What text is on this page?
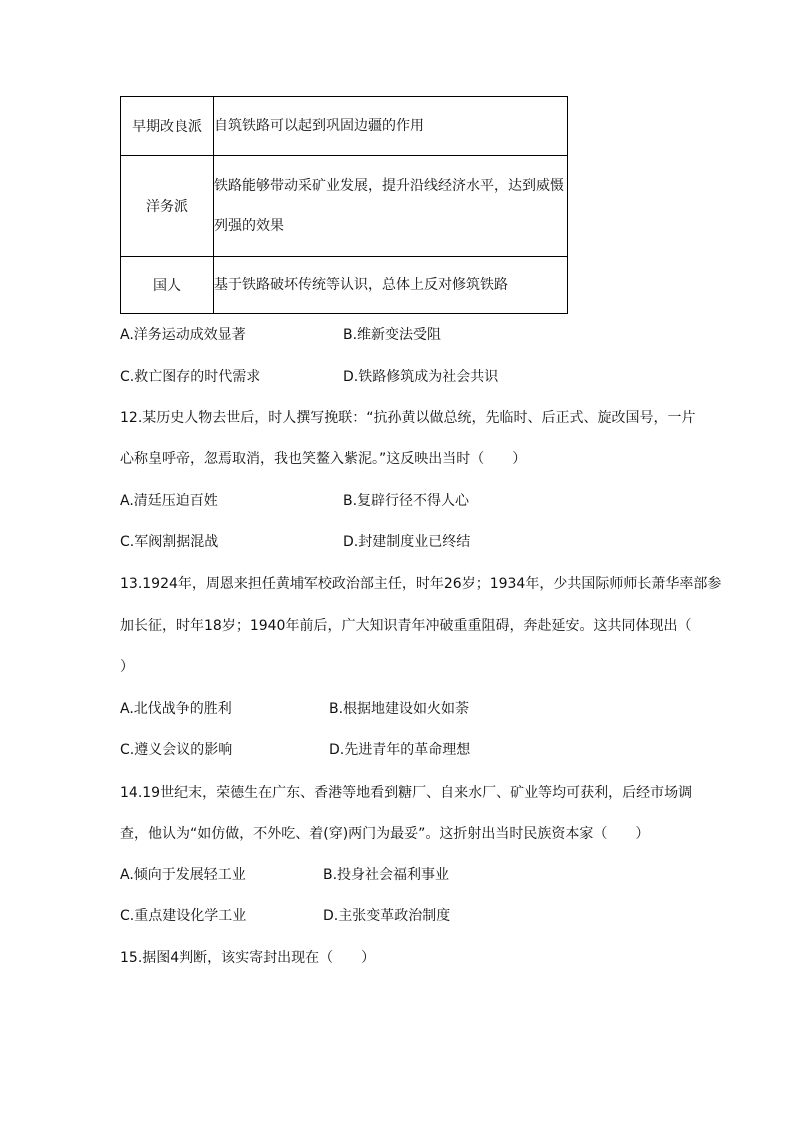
早期改良派	自筑铁路可以起到巩固边疆的作用
洋务派	铁路能够带动采矿业发展，提升沿线经济水平，达到威慑列强的效果
国人	基于铁路破坏传统等认识，总体上反对修筑铁路
A.洋务运动成效显著	B.维新变法受阻
C.救亡图存的时代需求	D.铁路修筑成为社会共识
12.某历史人物去世后，时人撰写挽联：“抗孙黄以做总统，先临时、后正式、旋改国号，一片
心称皇呼帝，忽焉取消，我也笑鳌入紫泥。”这反映出当时（　　）
A.清廷压迫百姓	B.复辟行径不得人心
C.军阀割据混战	D.封建制度业已终结
13.1924年，周恩来担任黄埔军校政治部主任，时年26岁；1934年，少共国际师师长萧华率部参
加长征，时年18岁；1940年前后，广大知识青年冲破重重阻碍，奔赴延安。这共同体现出（
）
A.北伐战争的胜利	B.根据地建设如火如荼
C.遵义会议的影响	D.先进青年的革命理想
14.19世纪末，荣德生在广东、香港等地看到糖厂、自来水厂、矿业等均可获利，后经市场调
查，他认为“如仿做，不外吃、着(穿)两门为最妥”。这折射出当时民族资本家（　　）
A.倾向于发展轻工业	B.投身社会福利事业
C.重点建设化学工业	D.主张变革政治制度
15.据图4判断，该实寄封出现在（　　）
